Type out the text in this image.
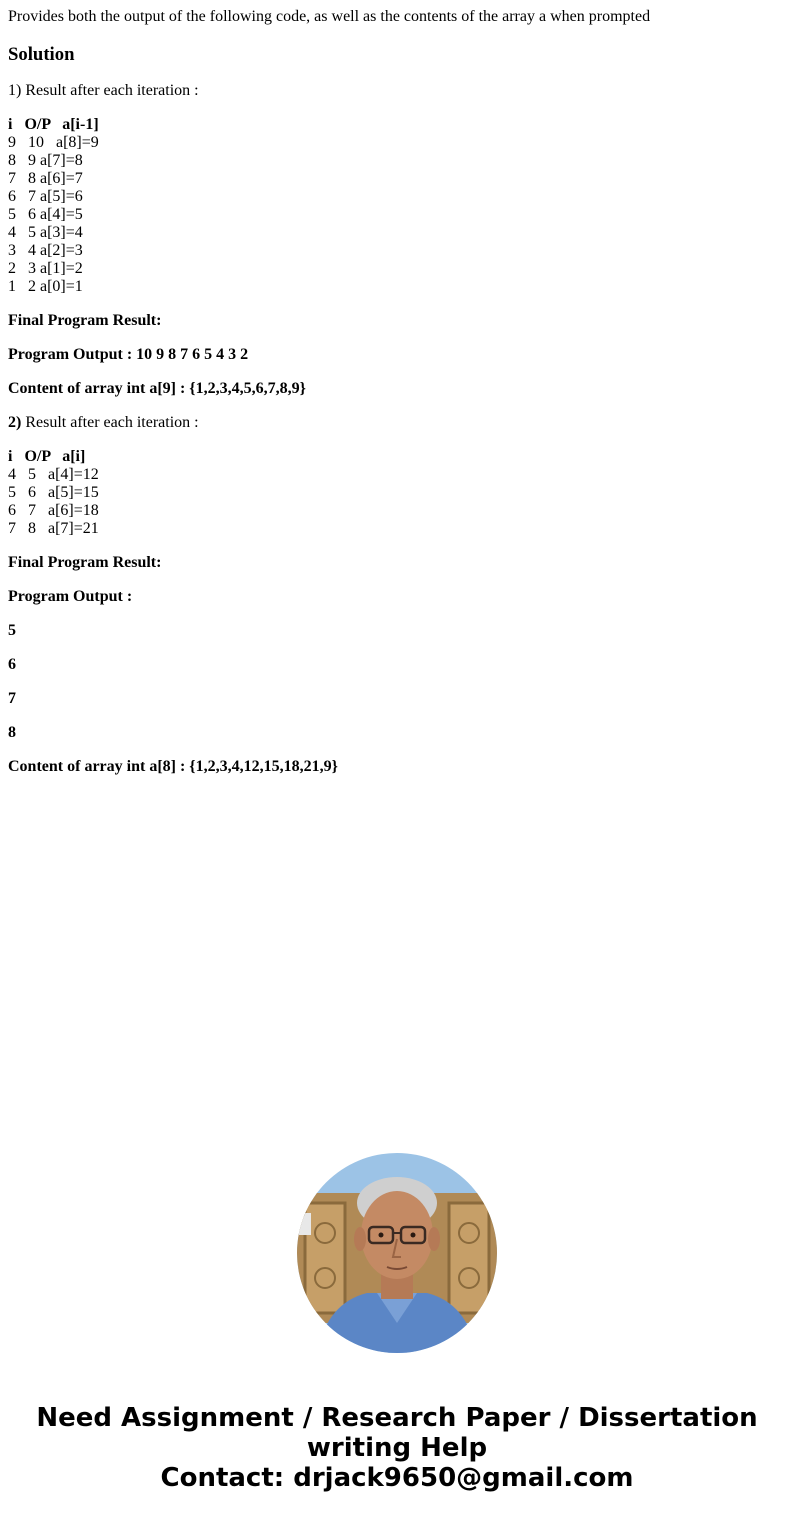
Provides both the output of the following code, as well as the contents of the array a when prompted
Solution

1) Result after each iteration :

i   O/P   a[i-1]
9   10   a[8]=9
8   9 a[7]=8
7   8 a[6]=7
6   7 a[5]=6
5   6 a[4]=5
4   5 a[3]=4
3   4 a[2]=3
2   3 a[1]=2
1   2 a[0]=1

Final Program Result:

Program Output : 10 9 8 7 6 5 4 3 2

Content of array int a[9] : {1,2,3,4,5,6,7,8,9}

2) Result after each iteration :

i   O/P   a[i]
4   5   a[4]=12
5   6   a[5]=15
6   7   a[6]=18
7   8   a[7]=21

Final Program Result:

Program Output :

5

6

7

8

Content of array int a[8] : {1,2,3,4,12,15,18,21,9}

Need Assignment / Research Paper / Dissertation
writing Help
Contact: drjack9650@gmail.com
